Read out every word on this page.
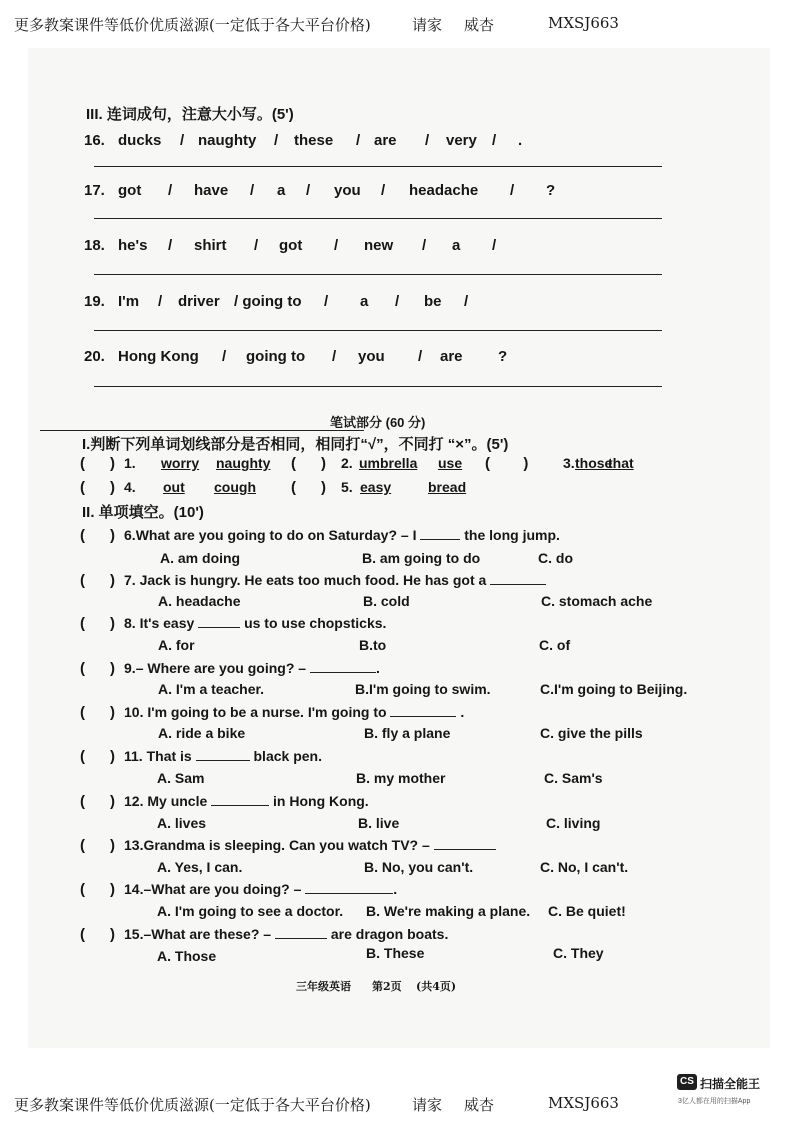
更多教案课件等低价优质滋源(一定低于各大平台价格)	请家 威杏	MXSJ663
III. 连词成句，注意大小写。(5')
16. ducks / naughty / these / are / very / .
17. got / have / a / you / headache / ?
18. he's / shirt / got / new / a /
19. I'm / driver / going to / a / be /
20. Hong Kong / going to / you / are ?
笔试部分 (60 分)
I.判断下列单词划线部分是否相同，相同打“√”，不同打 “×”。(5')
(      ) 1. worry naughty (      ) 2. umbrella use (        ) 3. those
that
(      ) 4. out cough (      ) 5. easy	bread
II. 单项填空。(10')
(      ) 6.What are you going to do on Saturday? – I	the long jump.
A. am doing	B. am going to do	C. do
(      ) 7. Jack is hungry. He eats too much food. He has got a
A. headache	B. cold	C. stomach ache
(      ) 8. It's easy	us to use chopsticks.
A. for	B.to	C. of
(      ) 9.– Where are you going? –	.
A. I'm a teacher.	B.I'm going to swim.	C.I'm going to Beijing.
(      ) 10. I'm going to be a nurse. I'm going to	.
A. ride a bike	B. fly a plane	C. give the pills
(      ) 11. That is	black pen.
A. Sam	B. my mother	C. Sam's
(      ) 12. My uncle	in Hong Kong.
A. lives	B. live	C. living
(      ) 13.Grandma is sleeping. Can you watch TV? –
A. Yes, I can.	B. No, you can't.	C. No, I can't.
(      ) 14.–What are you doing? –	.
A. I'm going to see a doctor. B. We're making a plane. C. Be quiet!
(      ) 15.–What are these? –	are dragon boats.
A. Those	B. These	C. They
三年级英语 第2页 (共4页)
CS 扫描全能王
3亿人都在用的扫描App
更多教案课件等低价优质滋源(一定低于各大平台价格)	请家 威杏	MXSJ663
